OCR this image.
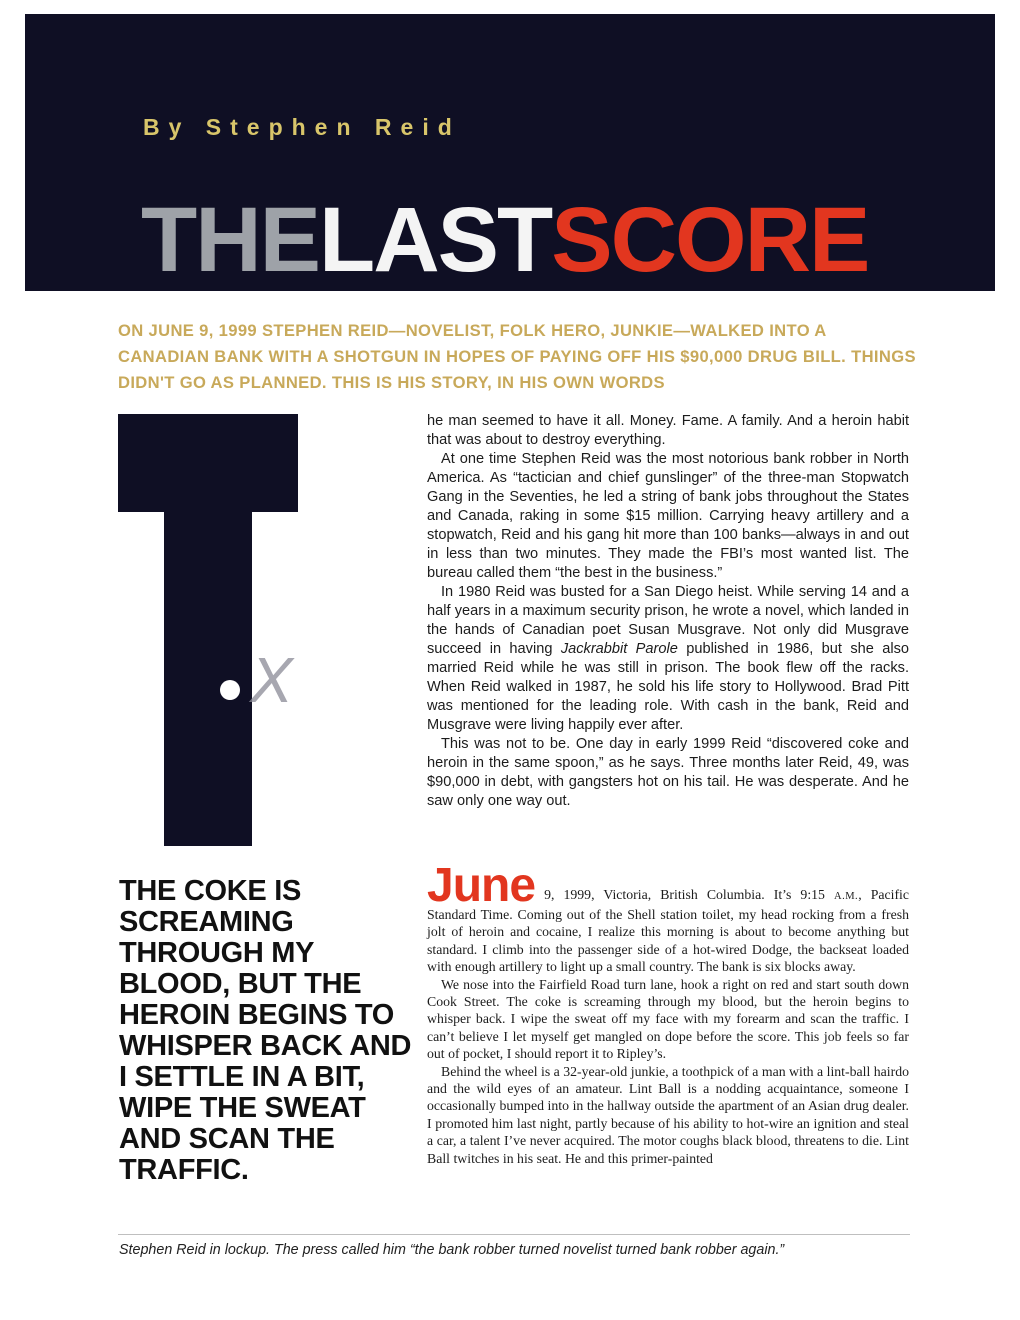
By Stephen Reid

THELASTSCORE

ON JUNE 9, 1999 STEPHEN REID—NOVELIST, FOLK HERO, JUNKIE—WALKED INTO A CANADIAN BANK WITH A SHOTGUN IN HOPES OF PAYING OFF HIS $90,000 DRUG BILL. THINGS DIDN'T GO AS PLANNED. THIS IS HIS STORY, IN HIS OWN WORDS

X

he man seemed to have it all. Money. Fame. A family. And a heroin habit that was about to destroy everything.

At one time Stephen Reid was the most notorious bank robber in North America. As “tactician and chief gunslinger” of the three-man Stopwatch Gang in the Seventies, he led a string of bank jobs throughout the States and Canada, raking in some $15 million. Carrying heavy artillery and a stopwatch, Reid and his gang hit more than 100 banks—always in and out in less than two minutes. They made the FBI’s most wanted list. The bureau called them “the best in the business.”

In 1980 Reid was busted for a San Diego heist. While serving 14 and a half years in a maximum security prison, he wrote a novel, which landed in the hands of Canadian poet Susan Musgrave. Not only did Musgrave succeed in having Jackrabbit Parole published in 1986, but she also married Reid while he was still in prison. The book flew off the racks. When Reid walked in 1987, he sold his life story to Hollywood. Brad Pitt was mentioned for the leading role. With cash in the bank, Reid and Musgrave were living happily ever after.

This was not to be. One day in early 1999 Reid “discovered coke and heroin in the same spoon,” as he says. Three months later Reid, 49, was $90,000 in debt, with gangsters hot on his tail. He was desperate. And he saw only one way out.

THE COKE IS SCREAMING THROUGH MY BLOOD, BUT THE HEROIN BEGINS TO WHISPER BACK AND I SETTLE IN A BIT, WIPE THE SWEAT AND SCAN THE TRAFFIC.

June 9, 1999, Victoria, British Columbia. It’s 9:15 A.M., Pacific Standard Time. Coming out of the Shell station toilet, my head rocking from a fresh jolt of heroin and cocaine, I realize this morning is about to become anything but standard. I climb into the passenger side of a hot-wired Dodge, the backseat loaded with enough artillery to light up a small country. The bank is six blocks away.

We nose into the Fairfield Road turn lane, hook a right on red and start south down Cook Street. The coke is screaming through my blood, but the heroin begins to whisper back. I wipe the sweat off my face with my forearm and scan the traffic. I can’t believe I let myself get mangled on dope before the score. This job feels so far out of pocket, I should report it to Ripley’s.

Behind the wheel is a 32-year-old junkie, a toothpick of a man with a lint-ball hairdo and the wild eyes of an amateur. Lint Ball is a nodding acquaintance, someone I occasionally bumped into in the hallway outside the apartment of an Asian drug dealer. I promoted him last night, partly because of his ability to hot-wire an ignition and steal a car, a talent I’ve never acquired. The motor coughs black blood, threatens to die. Lint Ball twitches in his seat. He and this primer-painted

Stephen Reid in lockup. The press called him “the bank robber turned novelist turned bank robber again.”
